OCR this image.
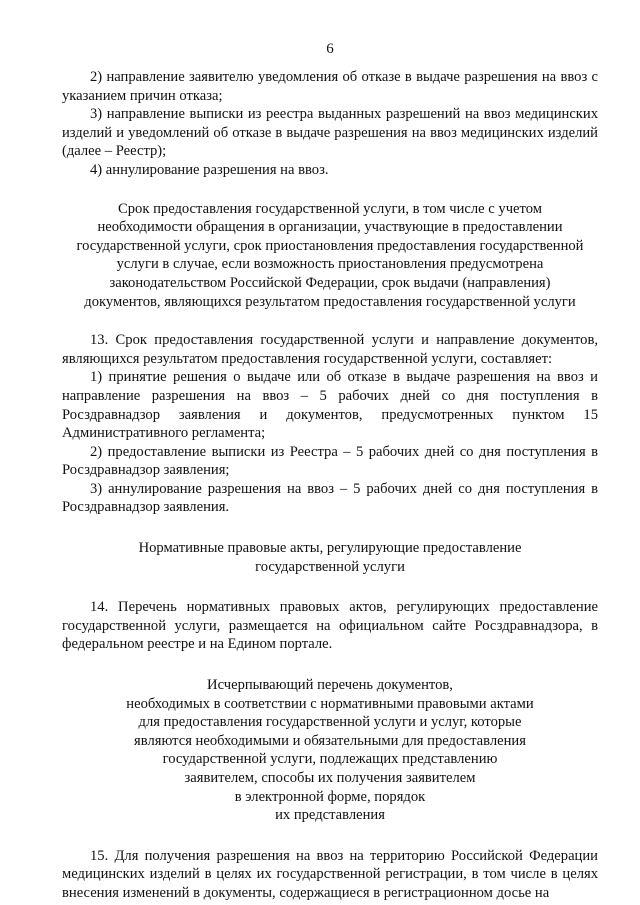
6

2) направление заявителю уведомления об отказе в выдаче разрешения на ввоз с указанием причин отказа;

3) направление выписки из реестра выданных разрешений на ввоз медицинских изделий и уведомлений об отказе в выдаче разрешения на ввоз медицинских изделий (далее – Реестр);

4) аннулирование разрешения на ввоз.

Срок предоставления государственной услуги, в том числе с учетом

необходимости обращения в организации, участвующие в предоставлении

государственной услуги, срок приостановления предоставления государственной

услуги в случае, если возможность приостановления предусмотрена

законодательством Российской Федерации, срок выдачи (направления)

документов, являющихся результатом предоставления государственной услуги

13. Срок предоставления государственной услуги и направление документов, являющихся результатом предоставления государственной услуги, составляет:

1) принятие решения о выдаче или об отказе в выдаче разрешения на ввоз и направление разрешения на ввоз – 5 рабочих дней со дня поступления в Росздравнадзор заявления и документов, предусмотренных пунктом 15 Административного регламента;

2) предоставление выписки из Реестра – 5 рабочих дней со дня поступления в Росздравнадзор заявления;

3) аннулирование разрешения на ввоз – 5 рабочих дней со дня поступления в Росздравнадзор заявления.

Нормативные правовые акты, регулирующие предоставление

государственной услуги

14. Перечень нормативных правовых актов, регулирующих предоставление государственной услуги, размещается на официальном сайте Росздравнадзора, в федеральном реестре и на Едином портале.

Исчерпывающий перечень документов,

необходимых в соответствии с нормативными правовыми актами

для предоставления государственной услуги и услуг, которые

являются необходимыми и обязательными для предоставления

государственной услуги, подлежащих представлению

заявителем, способы их получения заявителем

в электронной форме, порядок

их представления

15. Для получения разрешения на ввоз на территорию Российской Федерации медицинских изделий в целях их государственной регистрации, в том числе в целях внесения изменений в документы, содержащиеся в регистрационном досье на
